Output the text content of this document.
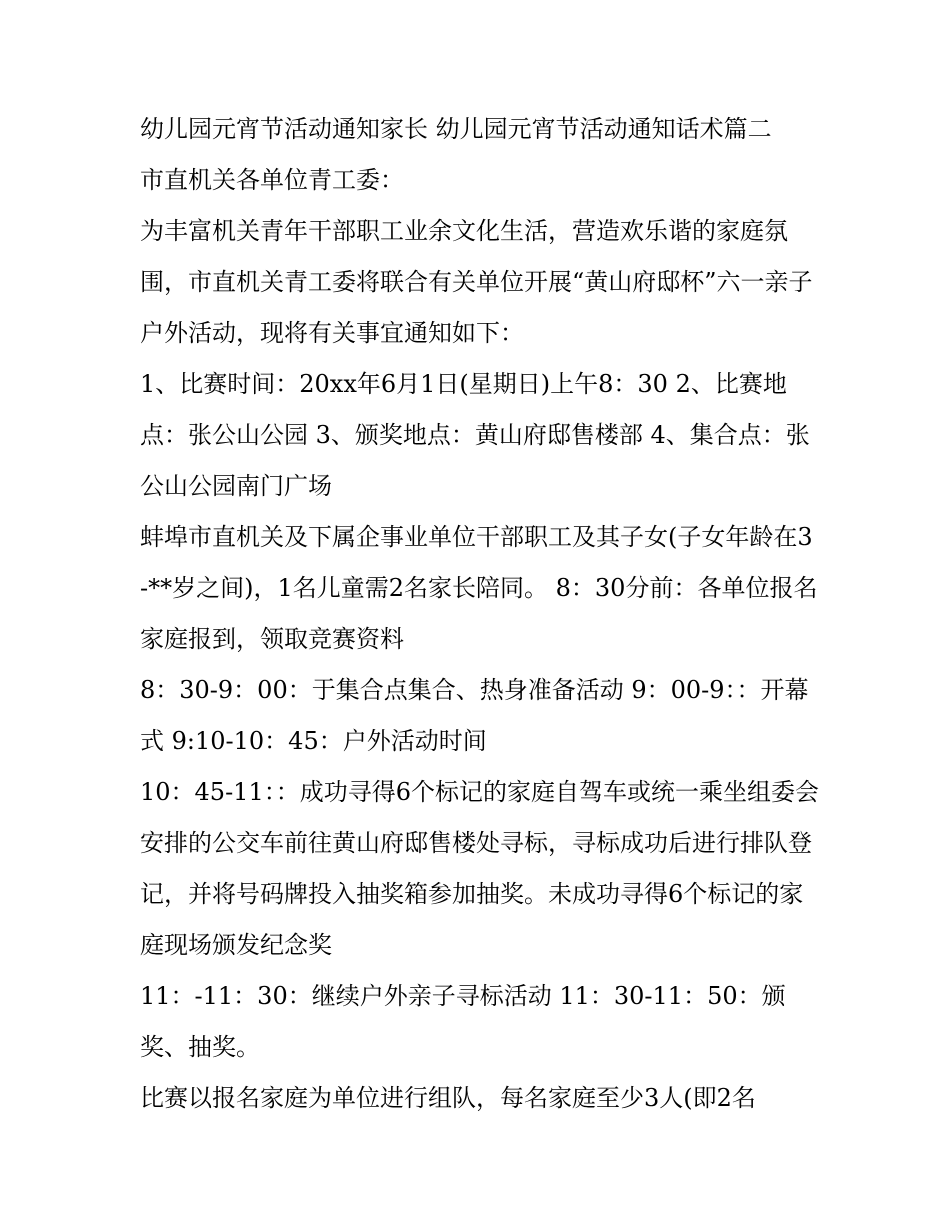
幼儿园元宵节活动通知家长 幼儿园元宵节活动通知话术篇二

市直机关各单位青工委：

为丰富机关青年干部职工业余文化生活，营造欢乐谐的家庭氛围，市直机关青工委将联合有关单位开展“黄山府邸杯”六一亲子户外活动，现将有关事宜通知如下：

1、比赛时间：20xx年6月1日(星期日)上午8：30 2、比赛地点：张公山公园 3、颁奖地点：黄山府邸售楼部 4、集合点：张公山公园南门广场

蚌埠市直机关及下属企事业单位干部职工及其子女(子女年龄在3-**岁之间)，1名儿童需2名家长陪同。 8：30分前：各单位报名家庭报到，领取竞赛资料

8：30-9：00：于集合点集合、热身准备活动 9：00-9：：开幕式 9:10-10：45：户外活动时间

10：45-11：：成功寻得6个标记的家庭自驾车或统一乘坐组委会安排的公交车前往黄山府邸售楼处寻标，寻标成功后进行排队登记，并将号码牌投入抽奖箱参加抽奖。未成功寻得6个标记的家庭现场颁发纪念奖

11：-11：30：继续户外亲子寻标活动 11：30-11：50：颁奖、抽奖。

比赛以报名家庭为单位进行组队，每名家庭至少3人(即2名
